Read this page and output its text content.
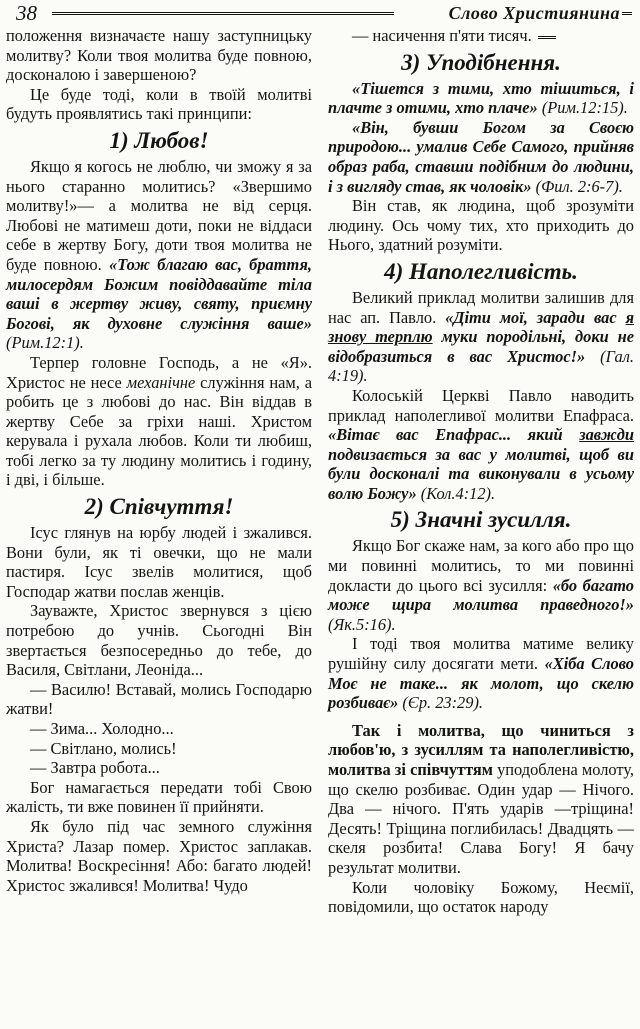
38	Слово Християнина

положення визначаєте нашу заступницьку молитву? Коли твоя молитва буде повною, досконалою і завершеною?

Це буде тоді, коли в твоїй молитві будуть проявлятись такі принципи:

1) Любов!

Якщо я когось не люблю, чи зможу я за нього старанно молитись? «Звершимо молитву!»— а молитва не від серця. Любові не матимеш доти, поки не віддаси себе в жертву Богу, доти твоя молитва не буде повною. «Тож благаю вас, браття, милосердям Божим повіддавайте тіла ваші в жертву живу, святу, приємну Богові, як духовне служіння ваше» (Рим.12:1).

Терпер головне Господь, а не «Я». Христос не несе механічне служіння нам, а робить це з любові до нас. Він віддав в жертву Себе за гріхи наші. Христом керувала і рухала любов. Коли ти любиш, тобі легко за ту людину молитись і годину, і дві, і більше.

2) Співчуття!

Ісус глянув на юрбу людей і зжалився. Вони були, як ті овечки, що не мали пастиря. Ісус звелів молитися, щоб Господар жатви послав женців.

Зауважте, Христос звернувся з цією потребою до учнів. Сьогодні Він звертається безпосередньо до тебе, до Василя, Світлани, Леоніда...

— Василю! Вставай, молись Господарю жатви!

— Зима... Холодно...

— Світлано, молись!

— Завтра робота...

Бог намагається передати тобі Свою жалість, ти вже повинен її прийняти.

Як було під час земного служіння Христа? Лазар помер. Христос заплакав. Молитва! Воскресіння! Або: багато людей! Христос зжалився! Молитва! Чудо

— насичення п'яти тисяч.

3) Уподібнення.

«Тішется з тими, хто тішиться, і плачте з отими, хто плаче» (Рим.12:15).

«Він, бувши Богом за Своєю природою... умалив Себе Самого, прийняв образ раба, ставши подібним до людини, і з вигляду став, як чоловік» (Фил. 2:6-7).

Він став, як людина, щоб зрозуміти людину. Ось чому тих, хто приходить до Нього, здатний розуміти.

4) Наполегливість.

Великий приклад молитви залишив для нас ап. Павло. «Діти мої, заради вас я знову терплю муки породільні, доки не відобразиться в вас Христос!» (Гал. 4:19).

Колоській Церкві Павло наводить приклад наполегливої молитви Епафраса. «Вітає вас Епафрас... який завжди подвизається за вас у молитві, щоб ви були досконалі та виконували в усьому волю Божу» (Кол.4:12).

5) Значні зусилля.

Якщо Бог скаже нам, за кого або про що ми повинні молитись, то ми повинні докласти до цього всі зусилля: «бо багато може щира молитва праведного!» (Як.5:16).

І тоді твоя молитва матиме велику рушійну силу досягати мети. «Хіба Слово Моє не таке... як молот, що скелю розбиває» (Єр. 23:29).

Так і молитва, що чиниться з любов'ю, з зусиллям та наполегливістю, молитва зі співчуттям уподоблена молоту, що скелю розбиває. Один удар — Нічого. Два — нічого. П'ять ударів —тріщина! Десять! Тріщина поглибилась! Двадцять — скеля розбита! Слава Богу! Я бачу результат молитви.

Коли чоловіку Божому, Неємії, повідомили, що остаток народу
